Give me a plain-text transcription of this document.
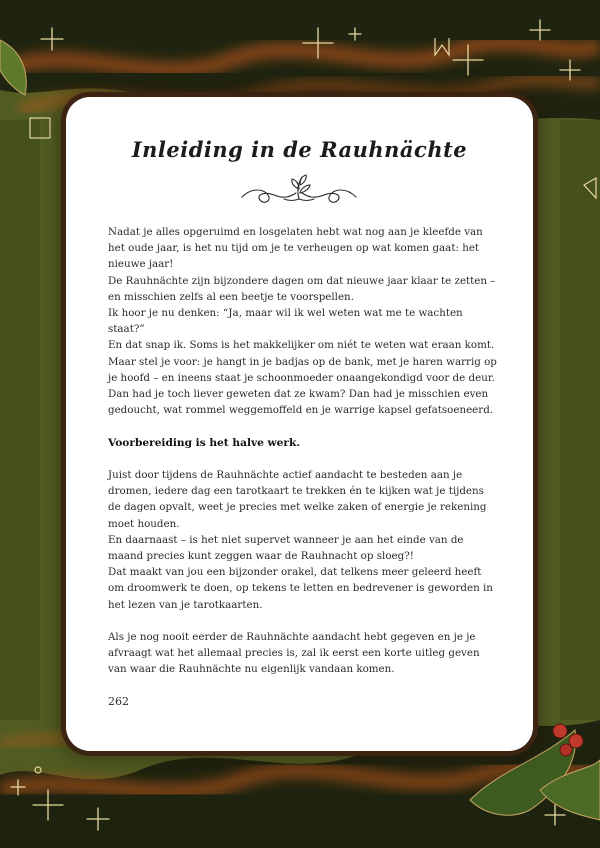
Inleiding in de Rauhnächte

Nadat je alles opgeruimd en losgelaten hebt wat nog aan je kleefde van het oude jaar, is het nu tijd om je te verheugen op wat komen gaat: het nieuwe jaar!

De Rauhnächte zijn bijzondere dagen om dat nieuwe jaar klaar te zetten – en misschien zelfs al een beetje te voorspellen.

Ik hoor je nu denken: “Ja, maar wil ik wel weten wat me te wachten staat?”

En dat snap ik. Soms is het makkelijker om niét te weten wat eraan komt.

Maar stel je voor: je hangt in je badjas op de bank, met je haren warrig op je hoofd – en ineens staat je schoonmoeder onaangekondigd voor de deur.

Dan had je toch liever geweten dat ze kwam? Dan had je misschien even gedoucht, wat rommel weggemoffeld en je warrige kapsel gefatsoeneerd.

Voorbereiding is het halve werk.

Juist door tijdens de Rauhnächte actief aandacht te besteden aan je dromen, iedere dag een tarotkaart te trekken én te kijken wat je tijdens de dagen opvalt, weet je precies met welke zaken of energie je rekening moet houden.

En daarnaast – is het niet supervet wanneer je aan het einde van de maand precies kunt zeggen waar de Rauhnacht op sloeg?!

Dat maakt van jou een bijzonder orakel, dat telkens meer geleerd heeft om droomwerk te doen, op tekens te letten en bedrevener is geworden in het lezen van je tarotkaarten.

Als je nog nooit eerder de Rauhnächte aandacht hebt gegeven en je je afvraagt wat het allemaal precies is, zal ik eerst een korte uitleg geven van waar die Rauhnächte nu eigenlijk vandaan komen.

262
